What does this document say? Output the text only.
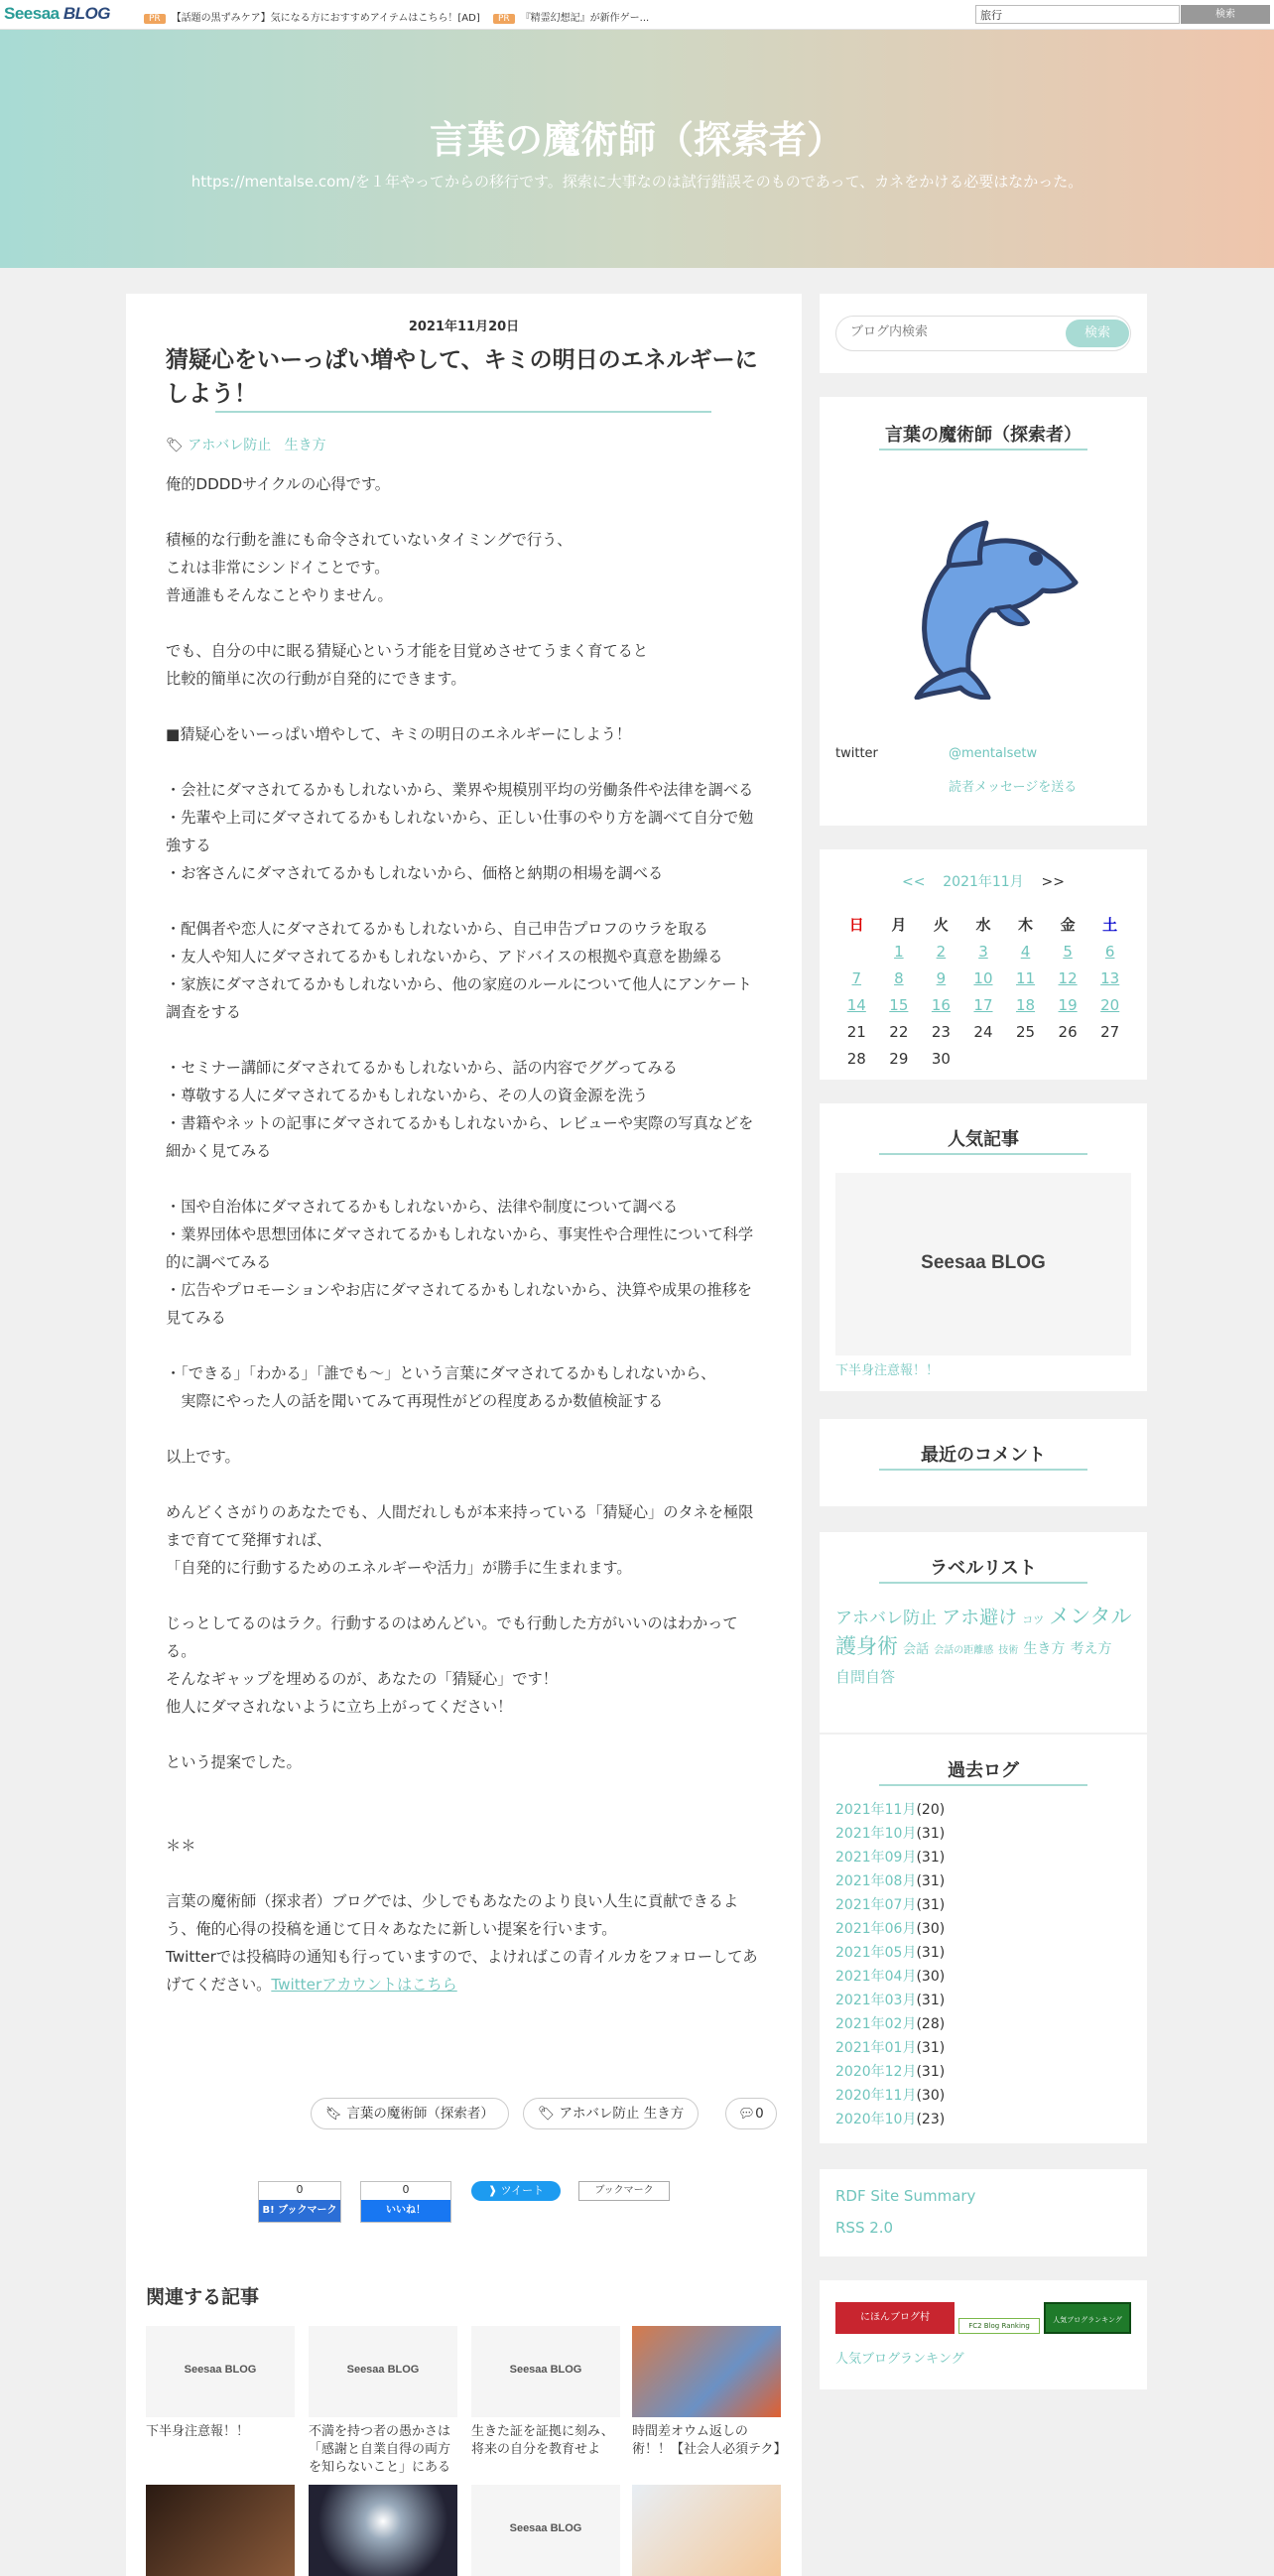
Seesaa BLOG	PR 【話題の黒ずみケア】気になる方におすすめアイテムはこちら！[AD]	PR 『精霊幻想記』が新作ゲー...	旅行	検索
言葉の魔術師（探索者）

https://mentalse.com/を１年やってからの移行です。探索に大事なのは試行錯誤そのものであって、カネをかける必要はなかった。

2021年11月20日
猜疑心をいーっぱい増やして、キミの明日のエネルギーにしよう！
🏷︎ アホバレ防止 生き方
俺的DDDDサイクルの心得です。

積極的な行動を誰にも命令されていないタイミングで行う、
これは非常にシンドイことです。
普通誰もそんなことやりません。

でも、自分の中に眠る猜疑心という才能を目覚めさせてうまく育てると
比較的簡単に次の行動が自発的にできます。

■猜疑心をいーっぱい増やして、キミの明日のエネルギーにしよう！

・会社にダマされてるかもしれないから、業界や規模別平均の労働条件や法律を調べる
・先輩や上司にダマされてるかもしれないから、正しい仕事のやり方を調べて自分で勉強する
・お客さんにダマされてるかもしれないから、価格と納期の相場を調べる

・配偶者や恋人にダマされてるかもしれないから、自己申告プロフのウラを取る
・友人や知人にダマされてるかもしれないから、アドバイスの根拠や真意を勘繰る
・家族にダマされてるかもしれないから、他の家庭のルールについて他人にアンケート調査をする

・セミナー講師にダマされてるかもしれないから、話の内容でググってみる
・尊敬する人にダマされてるかもしれないから、その人の資金源を洗う
・書籍やネットの記事にダマされてるかもしれないから、レビューや実際の写真などを細かく見てみる

・国や自治体にダマされてるかもしれないから、法律や制度について調べる
・業界団体や思想団体にダマされてるかもしれないから、事実性や合理性について科学的に調べてみる
・広告やプロモーションやお店にダマされてるかもしれないから、決算や成果の推移を見てみる

・「できる」「わかる」「誰でも～」という言葉にダマされてるかもしれないから、
　実際にやった人の話を聞いてみて再現性がどの程度あるか数値検証する

以上です。

めんどくさがりのあなたでも、人間だれしもが本来持っている「猜疑心」のタネを極限まで育てて発揮すれば、
「自発的に行動するためのエネルギーや活力」が勝手に生まれます。

じっとしてるのはラク。行動するのはめんどい。でも行動した方がいいのはわかってる。
そんなギャップを埋めるのが、あなたの「猜疑心」です！
他人にダマされないように立ち上がってください！

という提案でした。

＊＊

言葉の魔術師（探求者）ブログでは、少しでもあなたのより良い人生に貢献できるよう、俺的心得の投稿を通じて日々あなたに新しい提案を行います。
Twitterでは投稿時の通知も行っていますので、よければこの青イルカをフォローしてあげてください。Twitterアカウントはこちら
🔖︎ 言葉の魔術師（探索者）	🏷︎ アホバレ防止 生き方	💬︎0
0
B! ブックマーク
0
いいね！
❱ ツイート	ブックマーク
関連する記事
Seesaa BLOG
下半身注意報！！
Seesaa BLOG
不満を持つ者の愚かさは「感謝と自業自得の両方を知らないこと」にある
Seesaa BLOG
生きた証を証拠に刻み、将来の自分を教育せよ
時間差オウム返しの術！！【社会人必須テク】
Seesaa BLOG
ブログ内検索
検索
言葉の魔術師（探索者）
twitter	@mentalsetw
読者メッセージを送る
<< 2021年11月 >>
日	月	火	水	木	金	土
	1	2	3	4	5	6
7	8	9	10	11	12	13
14	15	16	17	18	19	20
21	22	23	24	25	26	27
28	29	30				
人気記事
Seesaa BLOG
下半身注意報！！
最近のコメント
ラベルリスト
アホバレ防止 アホ避け コツ メンタル護身術 会話 会話の距離感 技術 生き方 考え方 自問自答
過去ログ
2021年11月(20)
2021年10月(31)
2021年09月(31)
2021年08月(31)
2021年07月(31)
2021年06月(30)
2021年05月(31)
2021年04月(30)
2021年03月(31)
2021年02月(28)
2021年01月(31)
2020年12月(31)
2020年11月(30)
2020年10月(23)
RDF Site Summary
RSS 2.0
にほんブログ村
FC2 Blog Ranking
人気ブログランキング
人気ブログランキング
